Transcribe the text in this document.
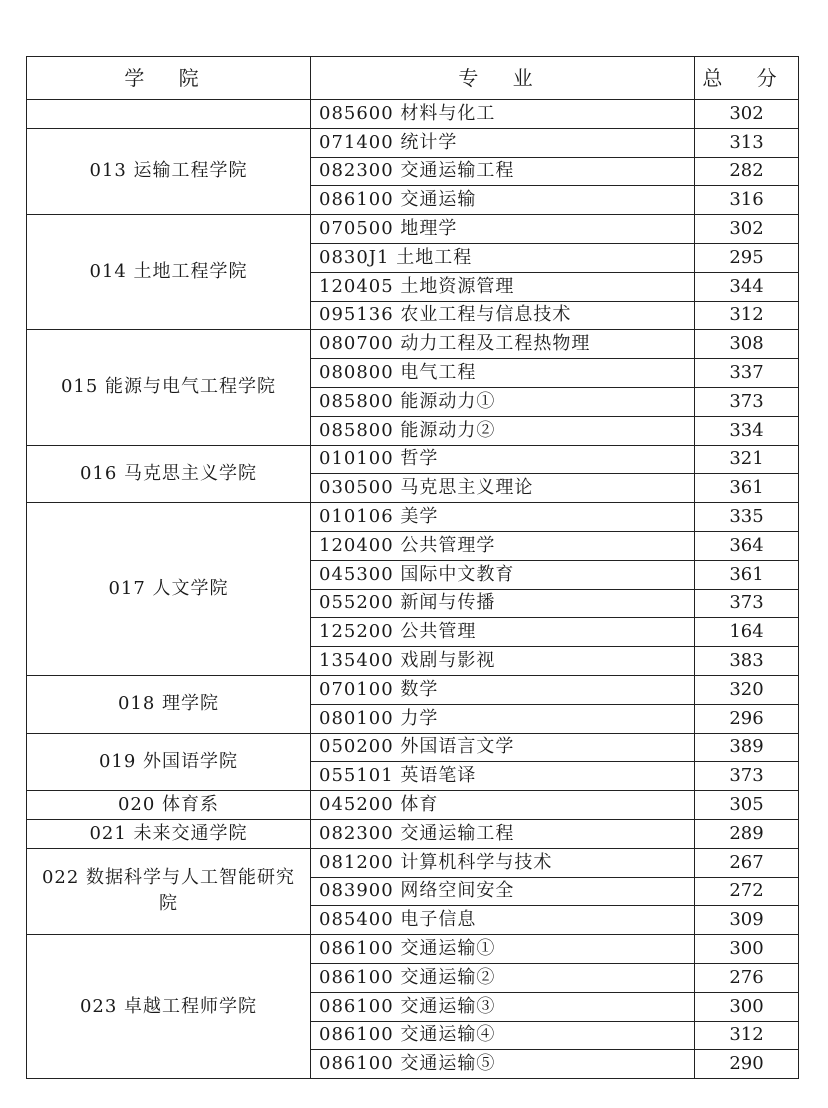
学 院	专 业	总 分
	085600 材料与化工	302
013 运输工程学院	071400 统计学	313
	082300 交通运输工程	282
	086100 交通运输	316
014 土地工程学院	070500 地理学	302
	0830J1 土地工程	295
	120405 土地资源管理	344
	095136 农业工程与信息技术	312
015 能源与电气工程学院	080700 动力工程及工程热物理	308
	080800 电气工程	337
	085800 能源动力①	373
	085800 能源动力②	334
016 马克思主义学院	010100 哲学	321
	030500 马克思主义理论	361
017 人文学院	010106 美学	335
	120400 公共管理学	364
	045300 国际中文教育	361
	055200 新闻与传播	373
	125200 公共管理	164
	135400 戏剧与影视	383
018 理学院	070100 数学	320
	080100 力学	296
019 外国语学院	050200 外国语言文学	389
	055101 英语笔译	373
020 体育系	045200 体育	305
021 未来交通学院	082300 交通运输工程	289
022 数据科学与人工智能研究院	081200 计算机科学与技术	267
	083900 网络空间安全	272
	085400 电子信息	309
023 卓越工程师学院	086100 交通运输①	300
	086100 交通运输②	276
	086100 交通运输③	300
	086100 交通运输④	312
	086100 交通运输⑤	290
